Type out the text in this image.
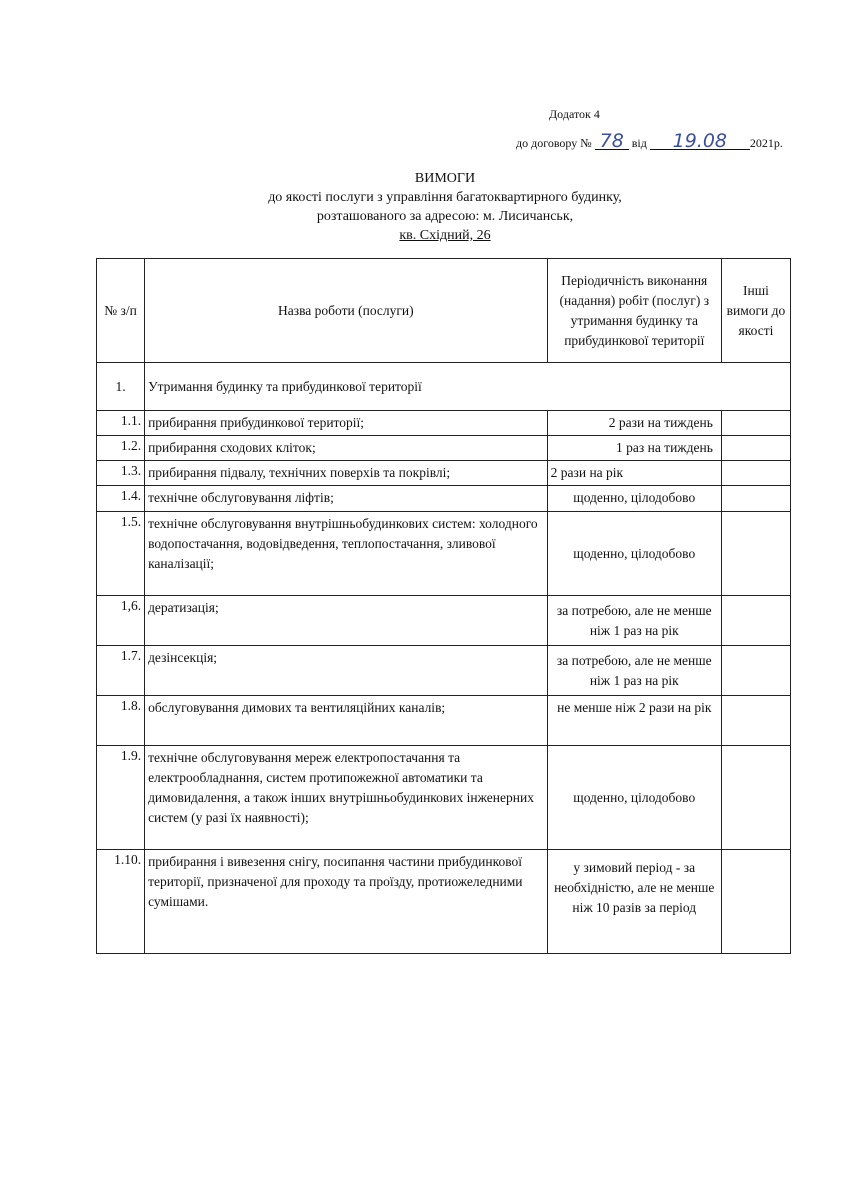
Додаток 4
до договору № 78 від 19.08 2021р.
ВИМОГИ
до якості послуги з управління багатоквартирного будинку,
розташованого за адресою: м. Лисичанськ,
кв. Східний, 26
№ з/п	Назва роботи (послуги)	Періодичність виконання (надання) робіт (послуг) з утримання будинку та прибудинкової території	Інші вимоги до якості
1.	Утримання будинку та прибудинкової території		
1.1.	прибирання прибудинкової території;	2 рази на тиждень	
1.2.	прибирання сходових кліток;	1 раз на тиждень	
1.3.	прибирання підвалу, технічних поверхів та покрівлі;	2 рази на рік	
1.4.	технічне обслуговування ліфтів;	щоденно, цілодобово	
1.5.	технічне обслуговування внутрішньобудинкових систем: холодного водопостачання, водовідведення, теплопостачання, зливової каналізації;	щоденно, цілодобово	
1,6.	дератизація;	за потребою, але не менше ніж 1 раз на рік	
1.7.	дезінсекція;	за потребою, але не менше ніж 1 раз на рік	
1.8.	обслуговування димових та вентиляційних каналів;	не менше ніж 2 рази на рік	
1.9.	технічне обслуговування мереж електропостачання та електрообладнання, систем протипожежної автоматики та димовидалення, а також інших внутрішньобудинкових інженерних систем (у разі їх наявності);	щоденно, цілодобово	
1.10.	прибирання і вивезення снігу, посипання частини прибудинкової території, призначеної для проходу та проїзду, протиожеледними сумішами.	у зимовий період - за необхідністю, але не менше ніж 10 разів за період	
